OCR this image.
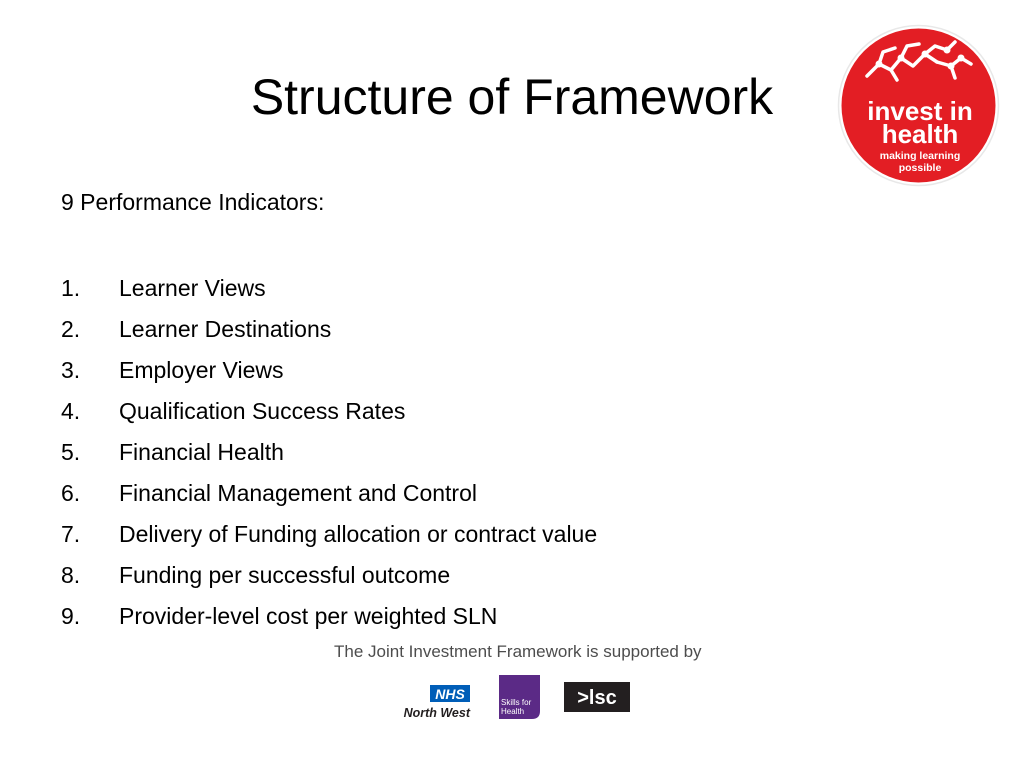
Structure of Framework	invest in
health
making learning
possible

9 Performance Indicators:

1.	Learner Views
2.	Learner Destinations
3.	Employer Views
4.	Qualification Success Rates
5.	Financial Health
6.	Financial Management and Control
7.	Delivery of Funding allocation or contract value
8.	Funding per successful outcome
9.	Provider-level cost per weighted SLN

The Joint Investment Framework is supported by

NHS
North West
Skills for
Health
>lsc
